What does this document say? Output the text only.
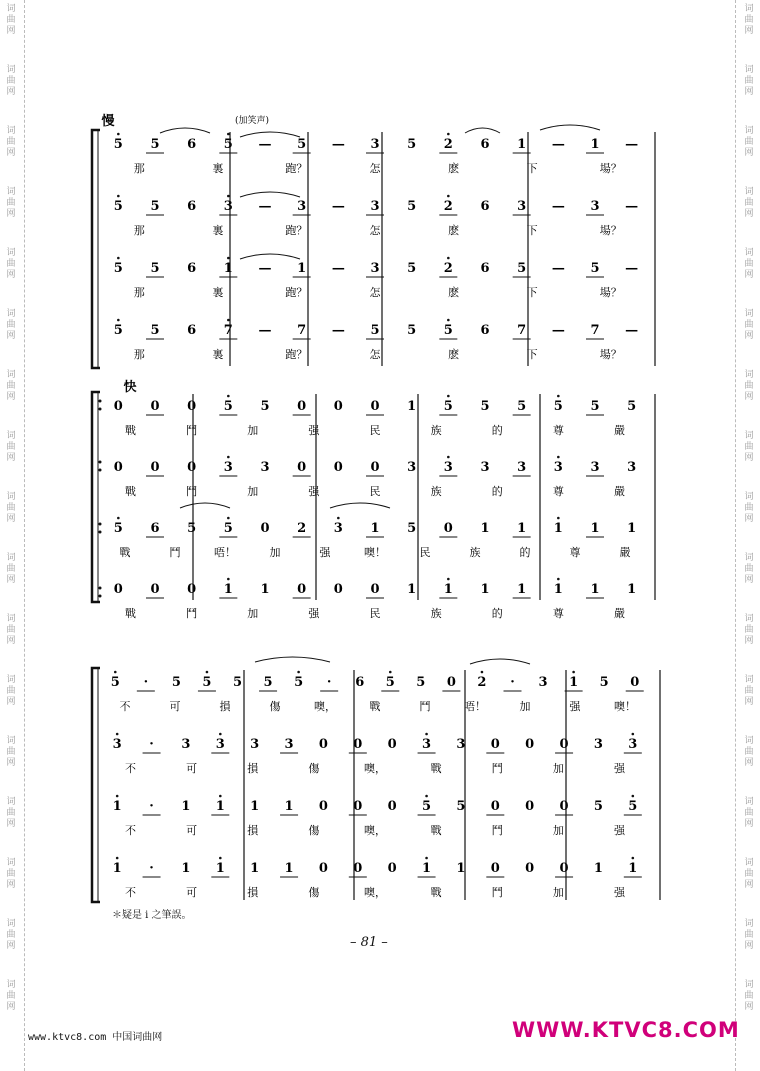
词
曲
网
词
曲
网
词
曲
网
词
曲
网
词
曲
网
词
曲
网
词
曲
网
词
曲
网
词
曲
网
词
曲
网
词
曲
网
词
曲
网
词
曲
网
词
曲
网
词
曲
网
词
曲
网
词
曲
网
词
曲
网
词
曲
网
词
曲
网
词
曲
网
词
曲
网
词
曲
网
词
曲
网
词
曲
网
词
曲
网
词
曲
网
词
曲
网
词
曲
网
词
曲
网
词
曲
网
词
曲
网
词
曲
网
词
曲
网
慢	(加笑声)
快
5 5 6 5 — 5 — 3 5 2 6 1 — 1 —
那	裏	跑？	怎	麽	下	場？
5 5 6 3 — 3 — 3 5 2 6 3 — 3 —
那	裏	跑？	怎	麽	下	場？
5 5 6 1 — 1 — 3 5 2 6 5 — 5 —
那	裏	跑？	怎	麽	下	場？
5 5 6 7 — 7 — 5 5 5 6 7 — 7 —
那	裏	跑？	怎	麽	下	場？
0 0 0 5 5 0 0 0 1 5 5 5 5 5 5
戰	鬥	加	强	民	族	的	尊	嚴
0 0 0 3 3 0 0 0 3 3 3 3 3 3 3
戰	鬥	加	强	民	族	的	尊	嚴
5 6 5 5 0 2 3 1 5 0 1 1 1 1 1
戰	鬥	唔！	加	强	噢！	民	族	的	尊	嚴
0 0 0 1 1 0 0 0 1 1 1 1 1 1 1
戰	鬥	加	强	民	族	的	尊	嚴
5 · 5 5 5 5 5 · 6 5 5 0 2 · 3 1 5 0
不	可	損	傷	噢，	戰	鬥	唔！	加	强	噢！
3 · 3 3 3 3 0 0 0 3 3 0 0 0 3 3
不	可	損	傷	噢，	戰	鬥	加	强
1 · 1 1 1 1 0 0 0 5 5 0 0 0 5 5
不	可	損	傷	噢，	戰	鬥	加	强
1 · 1 1 1 1 0 0 0 1 1 0 0 0 1 1
不	可	損	傷	噢，	戰	鬥	加	强
＊疑是 i 之筆誤。
– 81 –
www.ktvc8.com 中国词曲网	WWW.KTVC8.COM
